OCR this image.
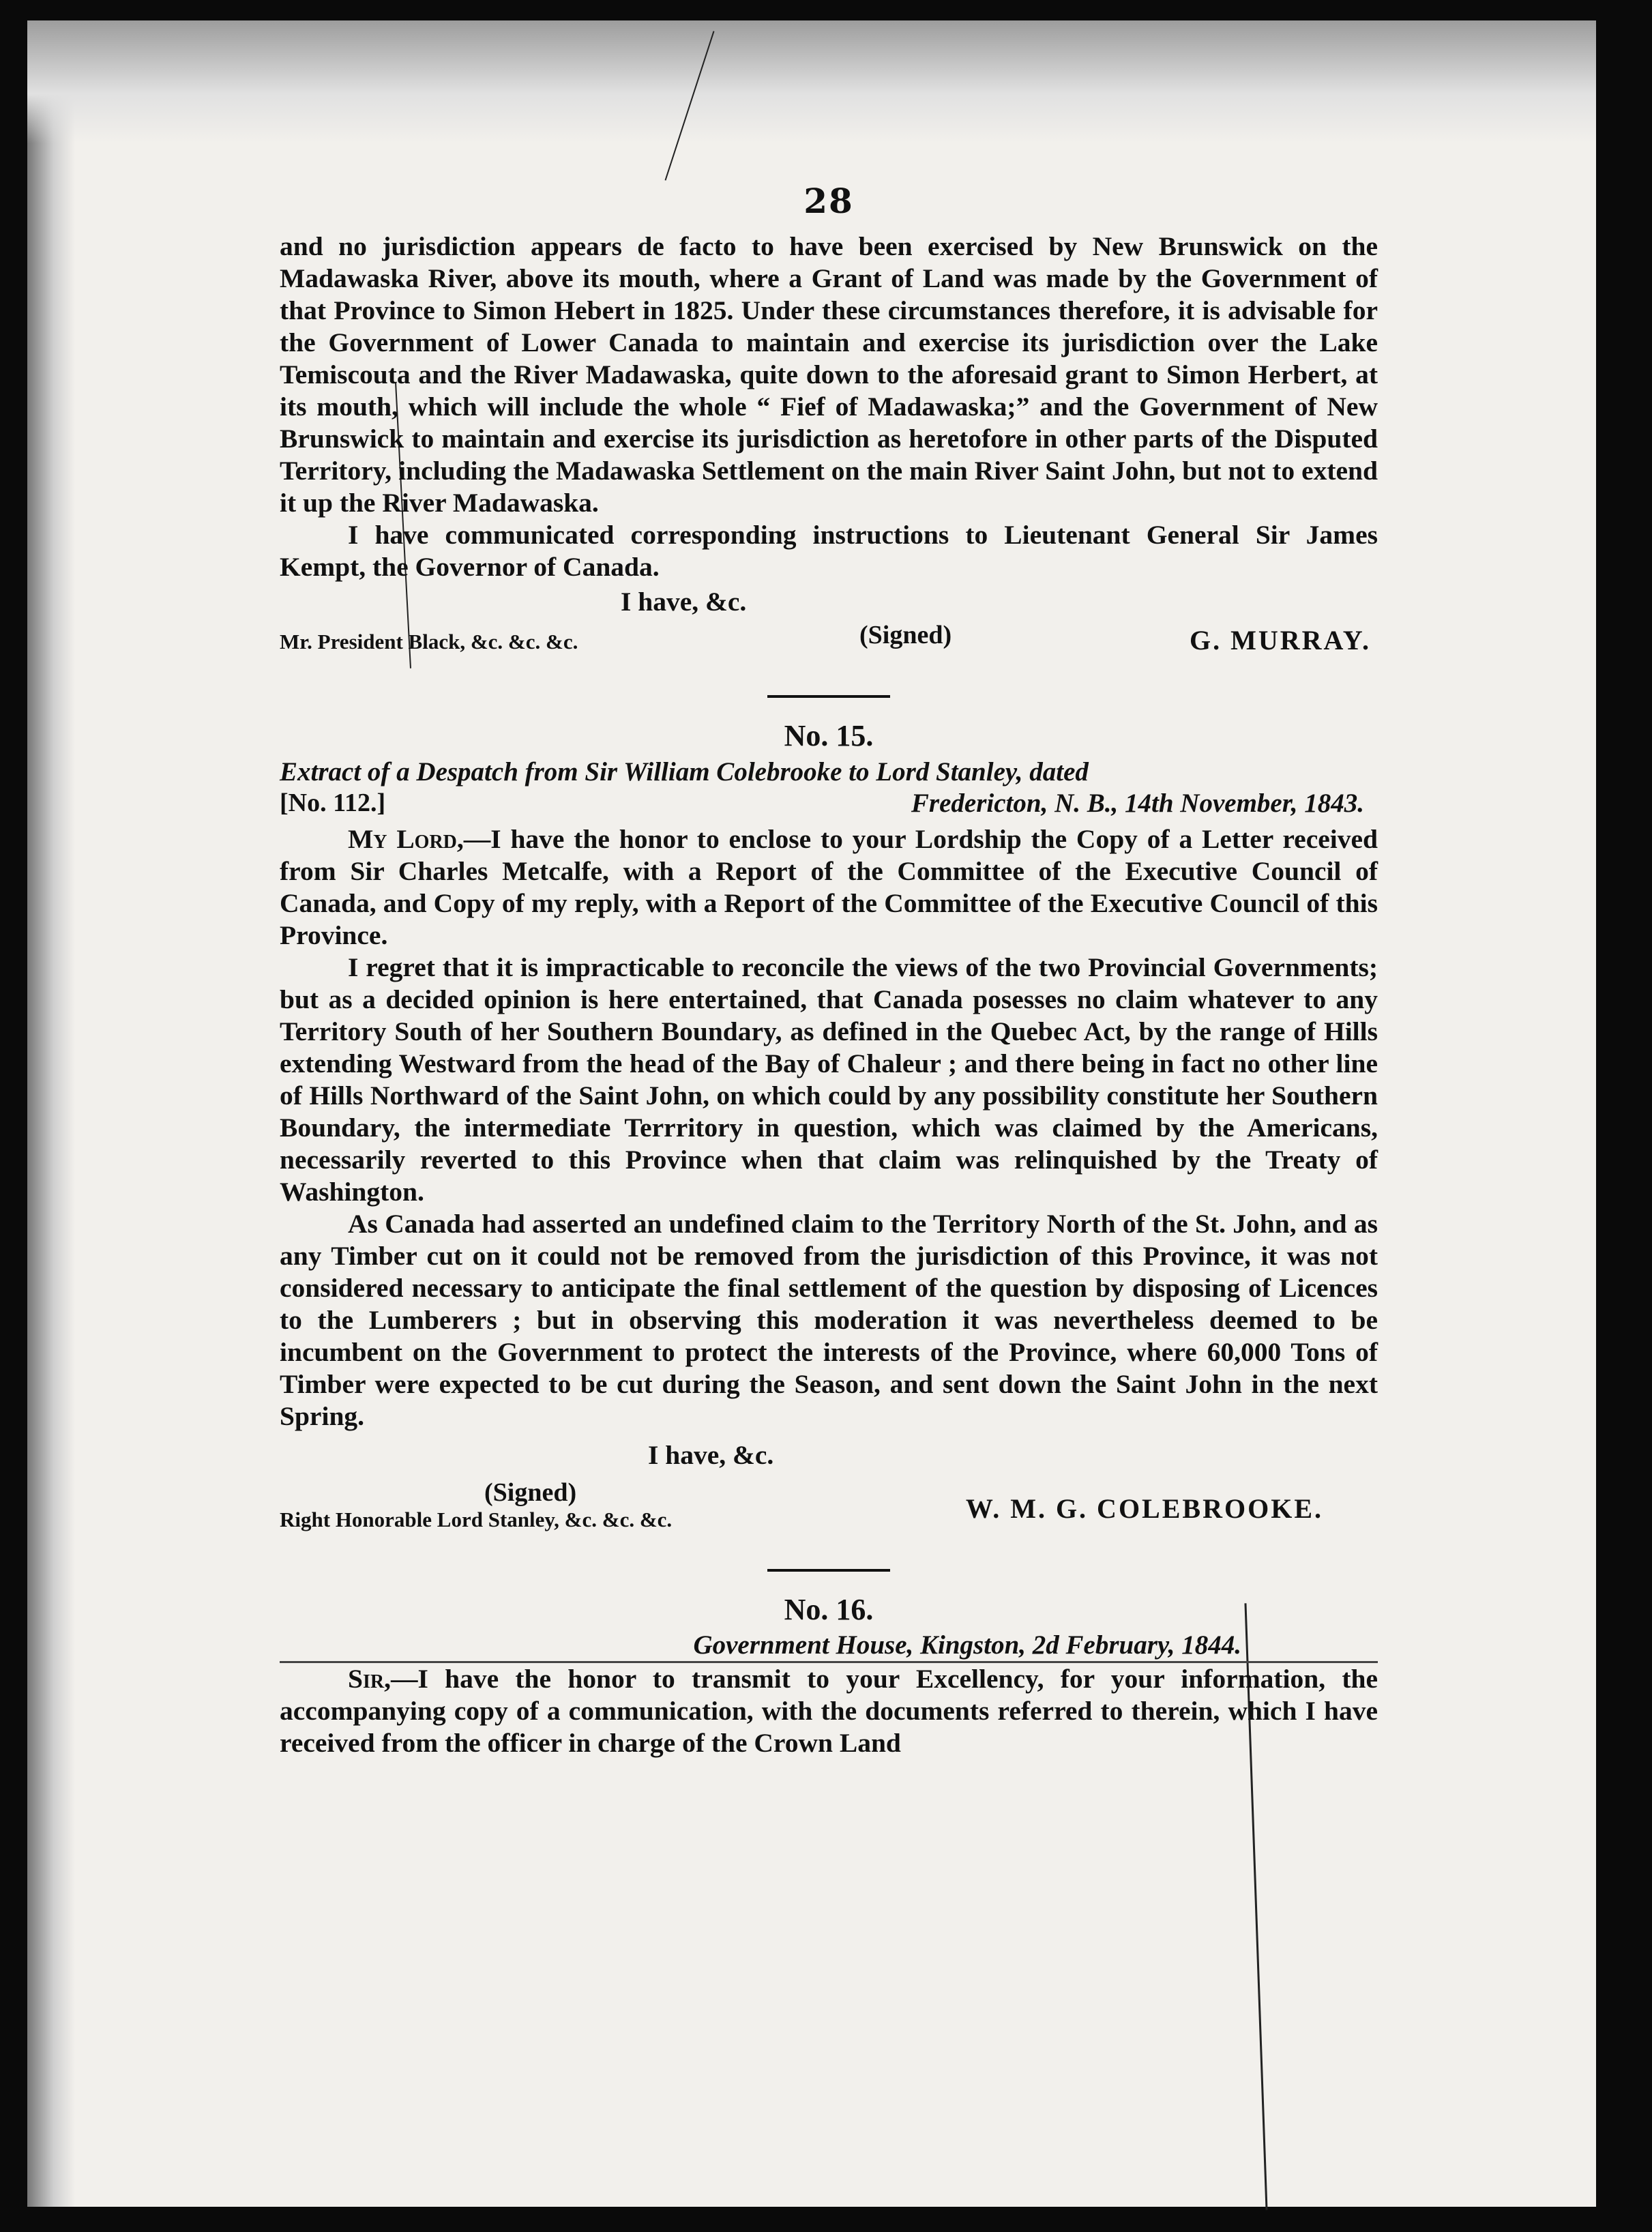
28

and no jurisdiction appears de facto to have been exercised by New Brunswick on the Madawaska River, above its mouth, where a Grant of Land was made by the Government of that Province to Simon Hebert in 1825. Under these circumstances therefore, it is advisable for the Government of Lower Canada to maintain and exercise its jurisdiction over the Lake Temiscouta and the River Madawaska, quite down to the aforesaid grant to Simon Herbert, at its mouth, which will include the whole “ Fief of Madawaska;” and the Government of New Brunswick to maintain and exercise its jurisdiction as heretofore in other parts of the Disputed Territory, including the Madawaska Settlement on the main River Saint John, but not to extend it up the River Madawaska.

I have communicated corresponding instructions to Lieutenant General Sir James Kempt, the Governor of Canada.

I have, &c.
Mr. President Black, &c. &c. &c.	(Signed)	G. MURRAY.
No. 15.
Extract of a Despatch from Sir William Colebrooke to Lord Stanley, dated
[No. 112.]	Fredericton, N. B., 14th November, 1843.

My Lord,—I have the honor to enclose to your Lordship the Copy of a Letter received from Sir Charles Metcalfe, with a Report of the Committee of the Executive Council of Canada, and Copy of my reply, with a Report of the Committee of the Executive Council of this Province.

I regret that it is impracticable to reconcile the views of the two Provincial Governments; but as a decided opinion is here entertained, that Canada posesses no claim whatever to any Territory South of her Southern Boundary, as defined in the Quebec Act, by the range of Hills extending Westward from the head of the Bay of Chaleur ; and there being in fact no other line of Hills Northward of the Saint John, on which could by any possibility constitute her Southern Boundary, the intermediate Terrritory in question, which was claimed by the Americans, necessarily reverted to this Province when that claim was relinquished by the Treaty of Washington.

As Canada had asserted an undefined claim to the Territory North of the St. John, and as any Timber cut on it could not be removed from the jurisdiction of this Province, it was not considered necessary to anticipate the final settlement of the question by disposing of Licences to the Lumberers ; but in observing this moderation it was nevertheless deemed to be incumbent on the Government to protect the interests of the Province, where 60,000 Tons of Timber were expected to be cut during the Season, and sent down the Saint John in the next Spring.

I have, &c.
(Signed)
Right Honorable Lord Stanley, &c. &c. &c.	W. M. G. COLEBROOKE.
No. 16.
Government House, Kingston, 2d February, 1844.

Sir,—I have the honor to transmit to your Excellency, for your information, the accompanying copy of a communication, with the documents referred to therein, which I have received from the officer in charge of the Crown Land
